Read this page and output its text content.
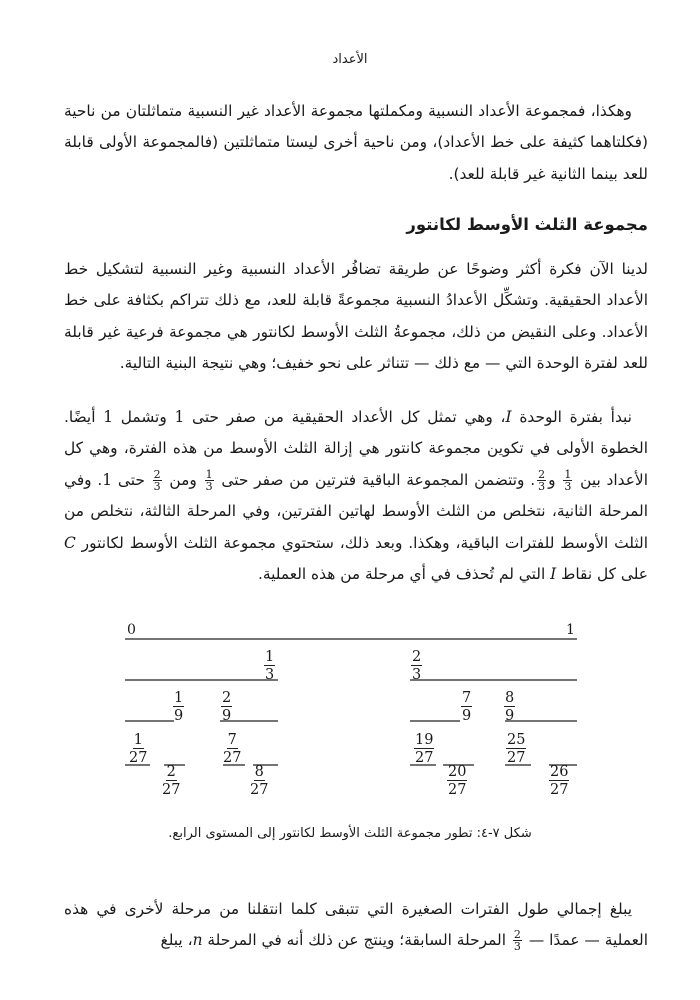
الأعداد

وهكذا، فمجموعة الأعداد النسبية ومكملتها مجموعة الأعداد غير النسبية متماثلتان من ناحية (فكلتاهما كثيفة على خط الأعداد)، ومن ناحية أخرى ليستا متماثلتين (فالمجموعة الأولى قابلة للعد بينما الثانية غير قابلة للعد).

مجموعة الثلث الأوسط لكانتور

لدينا الآن فكرة أكثر وضوحًا عن طريقة تضافُر الأعداد النسبية وغير النسبية لتشكيل خط الأعداد الحقيقية. وتشكِّل الأعدادُ النسبية مجموعةً قابلة للعد، مع ذلك تتراكم بكثافة على خط الأعداد. وعلى النقيض من ذلك، مجموعةُ الثلث الأوسط لكانتور هي مجموعة فرعية غير قابلة للعد لفترة الوحدة التي — مع ذلك — تتناثر على نحو خفيف؛ وهي نتيجة البنية التالية.

نبدأ بفترة الوحدة I، وهي تمثل كل الأعداد الحقيقية من صفر حتى 1 وتشمل 1 أيضًا. الخطوة الأولى في تكوين مجموعة كانتور هي إزالة الثلث الأوسط من هذه الفترة، وهي كل الأعداد بين
$\frac{1}{3}$
و
$\frac{2}{3}$
. وتتضمن المجموعة الباقية فترتين من صفر حتى
$\frac{1}{3}$
ومن
$\frac{2}{3}$
حتى 1. وفي المرحلة الثانية، نتخلص من الثلث الأوسط لهاتين الفترتين، وفي المرحلة الثالثة، نتخلص من الثلث الأوسط للفترات الباقية، وهكذا. وبعد ذلك، ستحتوي مجموعة الثلث الأوسط لكانتور C على كل نقاط I التي لم تُحذف في أي مرحلة من هذه العملية.

0	1
1
3
2
3
1
9
2
9
7
9
8
9
1
27
2
27
7
27
8
27
19
27
20
27
25
27
26
27
شكل ٧-٤: تطور مجموعة الثلث الأوسط لكانتور إلى المستوى الرابع.

يبلغ إجمالي طول الفترات الصغيرة التي تتبقى كلما انتقلنا من مرحلة لأخرى في هذه العملية — عمدًا —
$\frac{2}{3}$
المرحلة السابقة؛ وينتج عن ذلك أنه في المرحلة n، يبلغ
